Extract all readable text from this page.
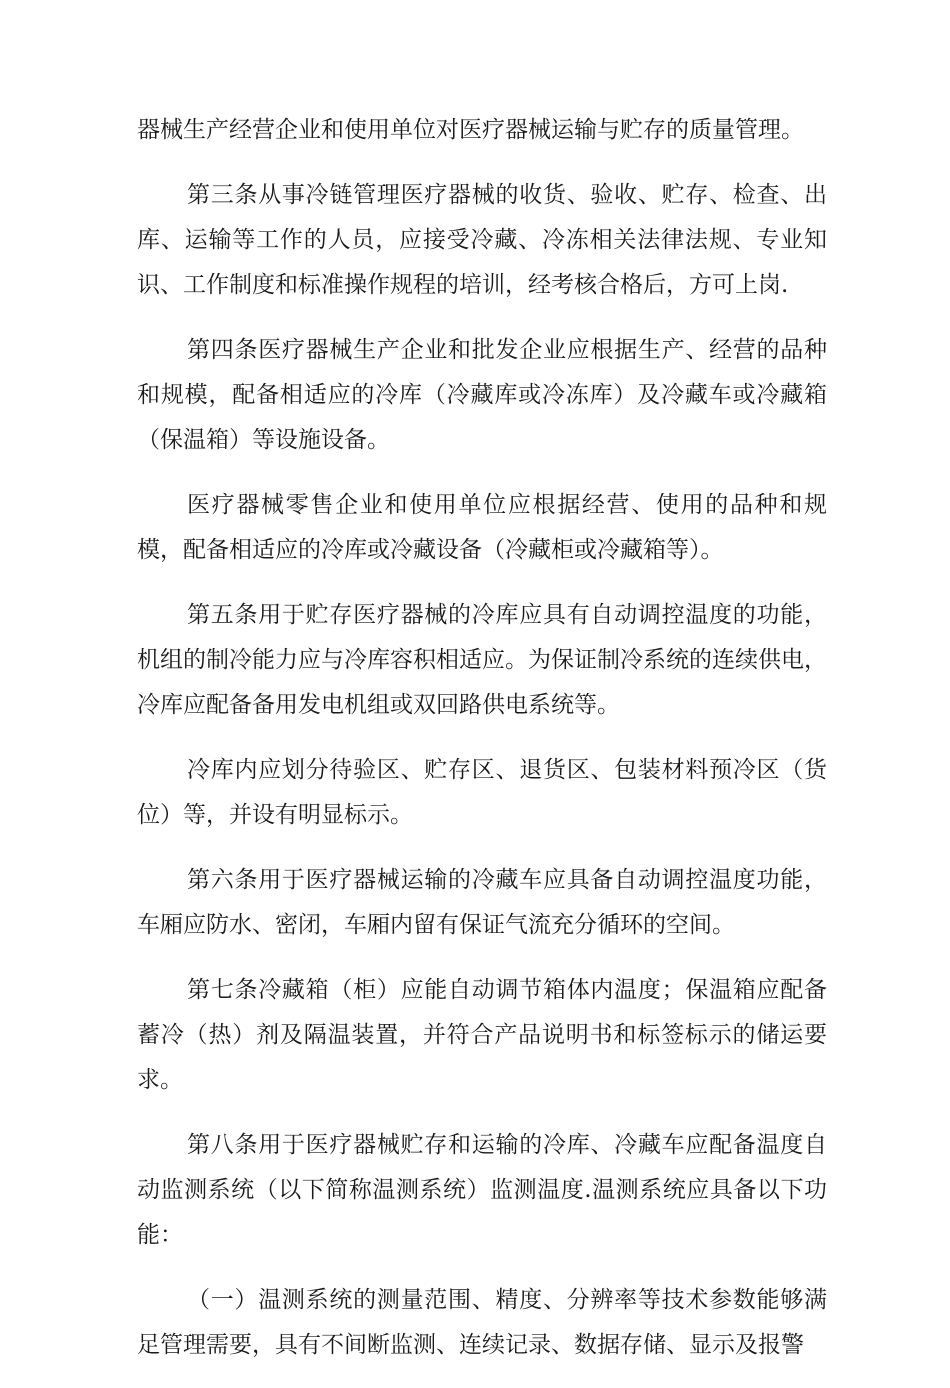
器械生产经营企业和使用单位对医疗器械运输与贮存的质量管理。

第三条从事冷链管理医疗器械的收货、验收、贮存、检查、出库、运输等工作的人员，应接受冷藏、冷冻相关法律法规、专业知识、工作制度和标准操作规程的培训，经考核合格后，方可上岗.

第四条医疗器械生产企业和批发企业应根据生产、经营的品种和规模，配备相适应的冷库（冷藏库或冷冻库）及冷藏车或冷藏箱（保温箱）等设施设备。

医疗器械零售企业和使用单位应根据经营、使用的品种和规模，配备相适应的冷库或冷藏设备（冷藏柜或冷藏箱等）。

第五条用于贮存医疗器械的冷库应具有自动调控温度的功能，机组的制冷能力应与冷库容积相适应。为保证制冷系统的连续供电，冷库应配备备用发电机组或双回路供电系统等。

冷库内应划分待验区、贮存区、退货区、包装材料预冷区（货位）等，并设有明显标示。

第六条用于医疗器械运输的冷藏车应具备自动调控温度功能，车厢应防水、密闭，车厢内留有保证气流充分循环的空间。

第七条冷藏箱（柜）应能自动调节箱体内温度；保温箱应配备蓄冷（热）剂及隔温装置，并符合产品说明书和标签标示的储运要求。

第八条用于医疗器械贮存和运输的冷库、冷藏车应配备温度自动监测系统（以下简称温测系统）监测温度.温测系统应具备以下功能：

（一）温测系统的测量范围、精度、分辨率等技术参数能够满足管理需要，具有不间断监测、连续记录、数据存储、显示及报警
